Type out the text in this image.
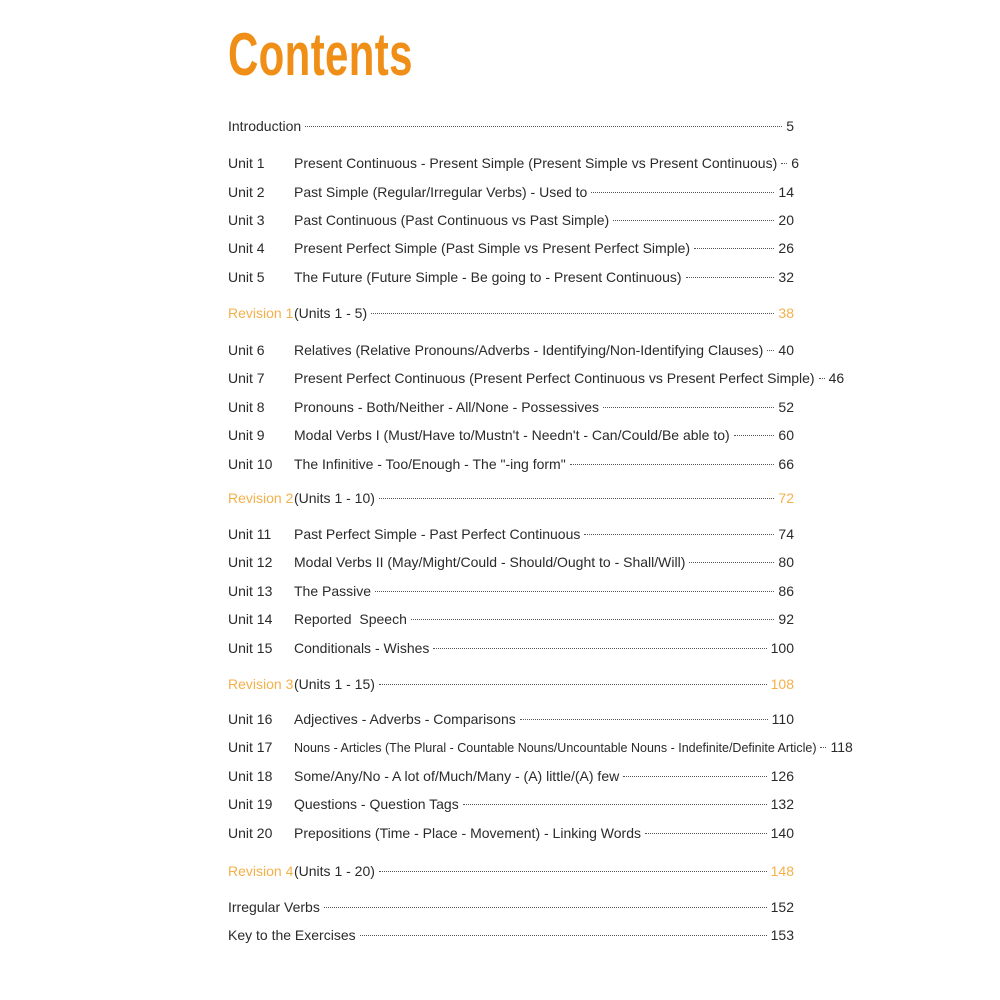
Contents
Introduction	5
Unit 1	Present Continuous - Present Simple (Present Simple vs Present Continuous) 6
Unit 2	Past Simple (Regular/Irregular Verbs) - Used to	14
Unit 3	Past Continuous (Past Continuous vs Past Simple)	20
Unit 4	Present Perfect Simple (Past Simple vs Present Perfect Simple)	26
Unit 5	The Future (Future Simple - Be going to - Present Continuous)	32
Revision 1 (Units 1 - 5)	38
Unit 6	Relatives (Relative Pronouns/Adverbs - Identifying/Non-Identifying Clauses) 40
Unit 7	Present Perfect Continuous (Present Perfect Continuous vs Present Perfect Simple) 46
Unit 8	Pronouns - Both/Neither - All/None - Possessives	52
Unit 9	Modal Verbs I (Must/Have to/Mustn't - Needn't - Can/Could/Be able to)	60
Unit 10	The Infinitive - Too/Enough - The "-ing form"	66
Revision 2 (Units 1 - 10)	72
Unit 11	Past Perfect Simple - Past Perfect Continuous	74
Unit 12	Modal Verbs II (May/Might/Could - Should/Ought to - Shall/Will)	80
Unit 13	The Passive	86
Unit 14	Reported  Speech	92
Unit 15	Conditionals - Wishes	100
Revision 3 (Units 1 - 15)	108
Unit 16	Adjectives - Adverbs - Comparisons	110
Unit 17	Nouns - Articles (The Plural - Countable Nouns/Uncountable Nouns - Indefinite/Definite Article) 118
Unit 18	Some/Any/No - A lot of/Much/Many - (A) little/(A) few	126
Unit 19	Questions - Question Tags	132
Unit 20	Prepositions (Time - Place - Movement) - Linking Words	140
Revision 4 (Units 1 - 20)	148
Irregular Verbs	152
Key to the Exercises	153
